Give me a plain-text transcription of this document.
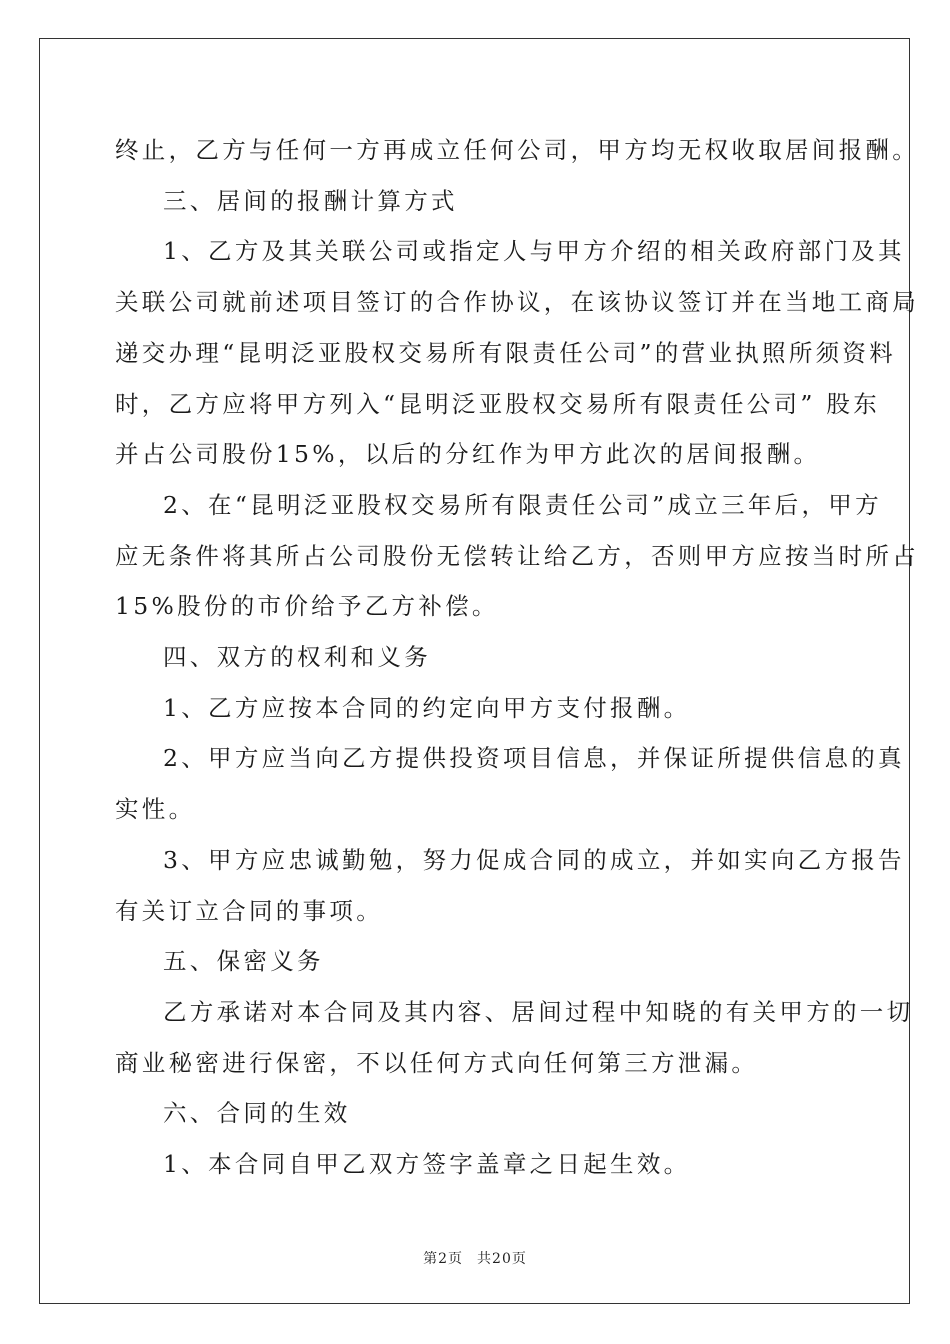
终止，乙方与任何一方再成立任何公司，甲方均无权收取居间报酬。

三、居间的报酬计算方式

1、乙方及其关联公司或指定人与甲方介绍的相关政府部门及其

关联公司就前述项目签订的合作协议，在该协议签订并在当地工商局

递交办理“昆明泛亚股权交易所有限责任公司”的营业执照所须资料

时，乙方应将甲方列入“昆明泛亚股权交易所有限责任公司” 股东

并占公司股份15%，以后的分红作为甲方此次的居间报酬。

2、在“昆明泛亚股权交易所有限责任公司”成立三年后，甲方

应无条件将其所占公司股份无偿转让给乙方，否则甲方应按当时所占

15%股份的市价给予乙方补偿。

四、双方的权利和义务

1、乙方应按本合同的约定向甲方支付报酬。

2、甲方应当向乙方提供投资项目信息，并保证所提供信息的真

实性。

3、甲方应忠诚勤勉，努力促成合同的成立，并如实向乙方报告

有关订立合同的事项。

五、保密义务

乙方承诺对本合同及其内容、居间过程中知晓的有关甲方的一切

商业秘密进行保密，不以任何方式向任何第三方泄漏。

六、合同的生效

1、本合同自甲乙双方签字盖章之日起生效。

第2页 共20页
